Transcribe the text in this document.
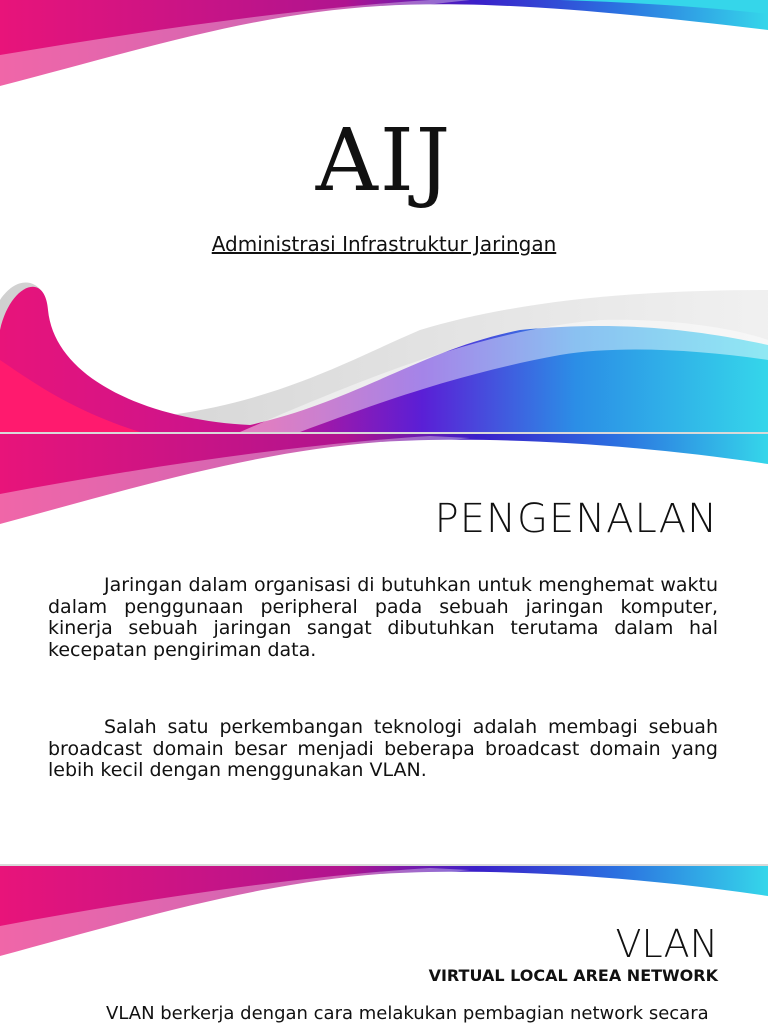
AIJ
Administrasi Infrastruktur Jaringan
PENGENALAN

Jaringan dalam organisasi di butuhkan untuk menghemat waktu dalam penggunaan peripheral pada sebuah jaringan komputer, kinerja sebuah jaringan sangat dibutuhkan terutama dalam hal kecepatan pengiriman data.

Salah satu perkembangan teknologi adalah membagi sebuah broadcast domain besar menjadi beberapa broadcast domain yang lebih kecil dengan menggunakan VLAN.

VLAN
VIRTUAL LOCAL AREA NETWORK

VLAN berkerja dengan cara melakukan pembagian network secara
